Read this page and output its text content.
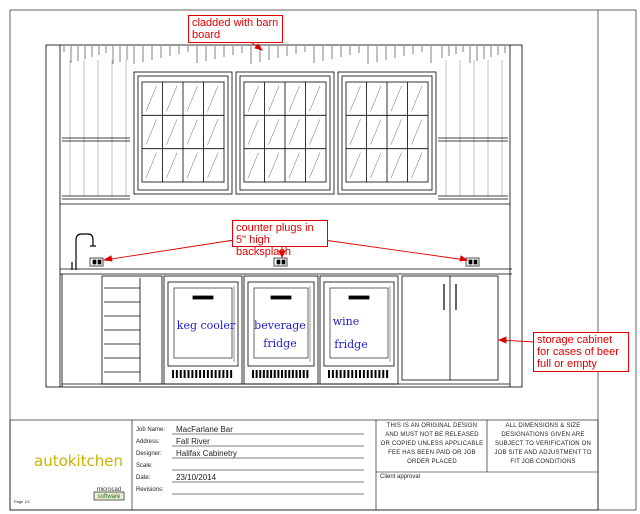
cladded with barn board
counter plugs in 5" high backsplash
storage cabinet for cases of beer full or empty
keg cooler	beverage
fridge
wine
fridge
autokitchen
microcad
software
Page 1/1
Job Name: MacFarlane Bar
Address: Fall River
Designer: Halifax Cabinetry
Scale:
Date:	23/10/2014
Revisions:
THIS IS AN ORIGINAL DESIGN AND MUST NOT BE RELEASED OR COPIED UNLESS APPLICABLE FEE HAS BEEN PAID OR JOB ORDER PLACED
ALL DIMENSIONS & SIZE DESIGNATIONS GIVEN ARE SUBJECT TO VERIFICATION ON JOB SITE AND ADJUSTMENT TO FIT JOB CONDITIONS
Client approval
